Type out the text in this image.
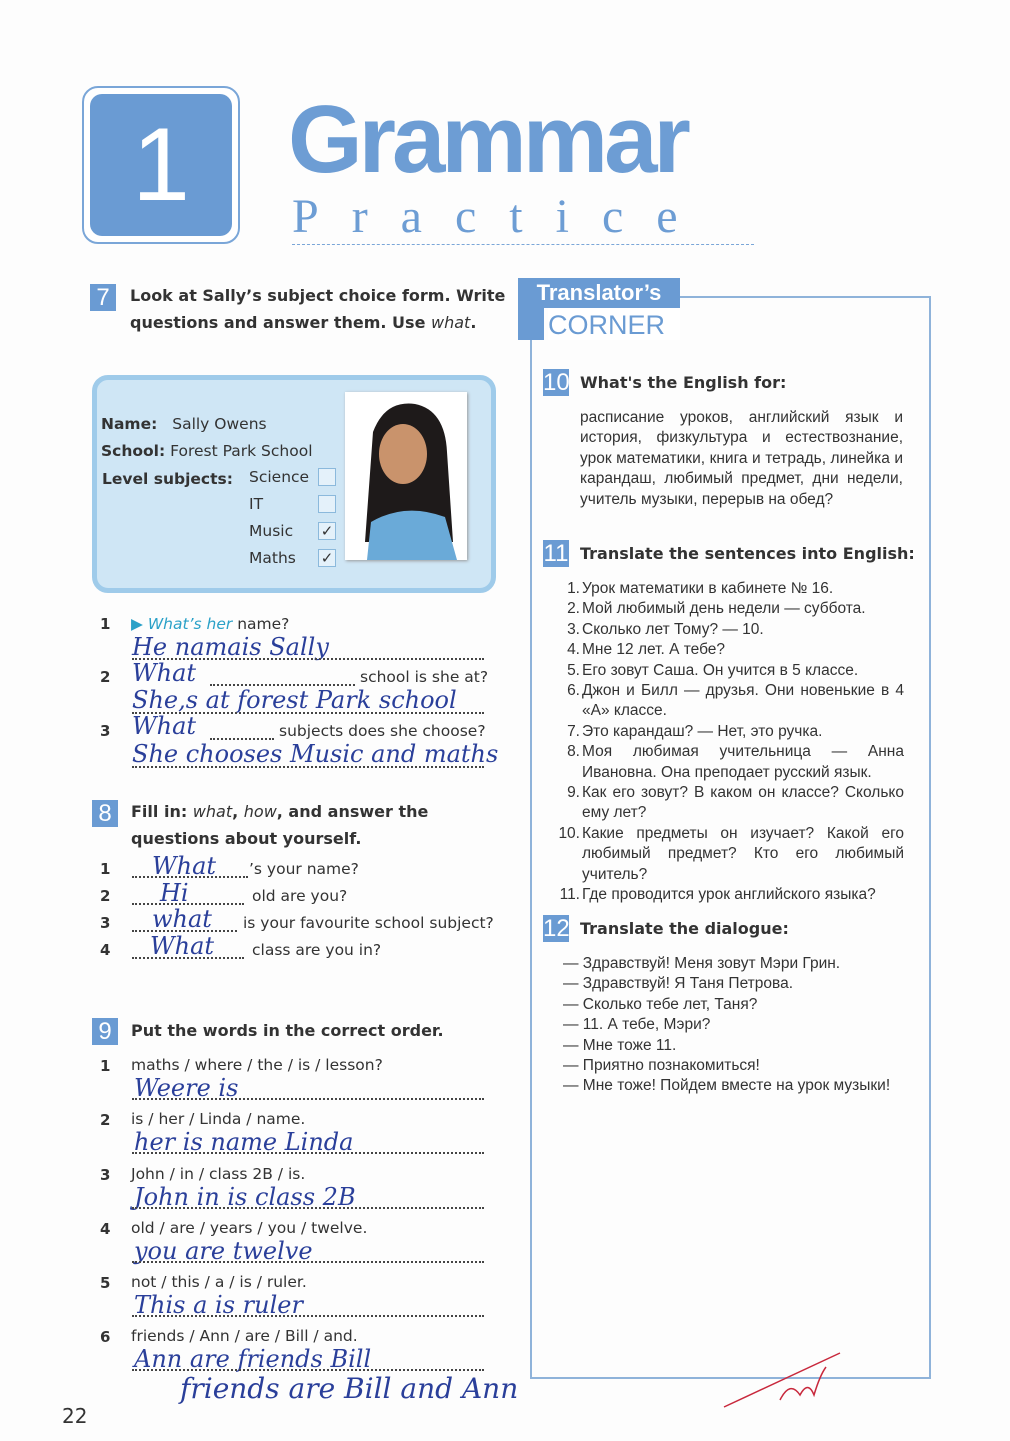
1	Grammar
Practice
7	Look at Sally’s subject choice form. Write
questions and answer them. Use what.
Name: Sally Owens
School: Forest Park School
Level subjects: Science
IT
Music ✓
Maths ✓
1 ▶ What’s her name?
He namais Sally
2 What	school is she at?
She,s at forest Park school
3 What	subjects does she choose?
She chooses Music and maths
8	Fill in: what, how, and answer the
questions about yourself.
1 What ’s your name?
2 Hi	old are you?
3 what is your favourite school subject?
4 What class are you in?
9	Put the words in the correct order.
1 maths / where / the / is / lesson?
Weere is
2 is / her / Linda / name.
her is name Linda
3 John / in / class 2B / is.
John in is class 2B
4 old / are / years / you / twelve.
you are twelve
5 not / this / a / is / ruler.
This a is ruler
6 friends / Ann / are / Bill / and.
Ann are friends Bill
friends are Bill and Ann
Translator’s
CORNER
10 What's the English for:
расписание уроков, английский язык и история, физкультура и естествознание, урок математики, книга и тетрадь, линейка и карандаш, любимый предмет, дни недели, учитель музыки, перерыв на обед?
11 Translate the sentences into English:
1. Урок математики в кабинете № 16.
2. Мой любимый день недели — суббота.
3. Сколько лет Тому? — 10.
4. Мне 12 лет. А тебе?
5. Его зовут Саша. Он учится в 5 классе.
6. Джон и Билл — друзья. Они новенькие в 4 «А» классе.
7. Это карандаш? — Нет, это ручка.
8. Моя любимая учительница — Анна Ивановна. Она преподает русский язык.
9. Как его зовут? В каком он классе? Сколько ему лет?
10. Какие предметы он изучает? Какой его любимый предмет? Кто его любимый учитель?
11. Где проводится урок английского языка?
12 Translate the dialogue:
— Здравствуй! Меня зовут Мэри Грин.
— Здравствуй! Я Таня Петрова.
— Сколько тебе лет, Таня?
— 11. А тебе, Мэри?
— Мне тоже 11.
— Приятно познакомиться!
— Мне тоже! Пойдем вместе на урок музыки!
22
